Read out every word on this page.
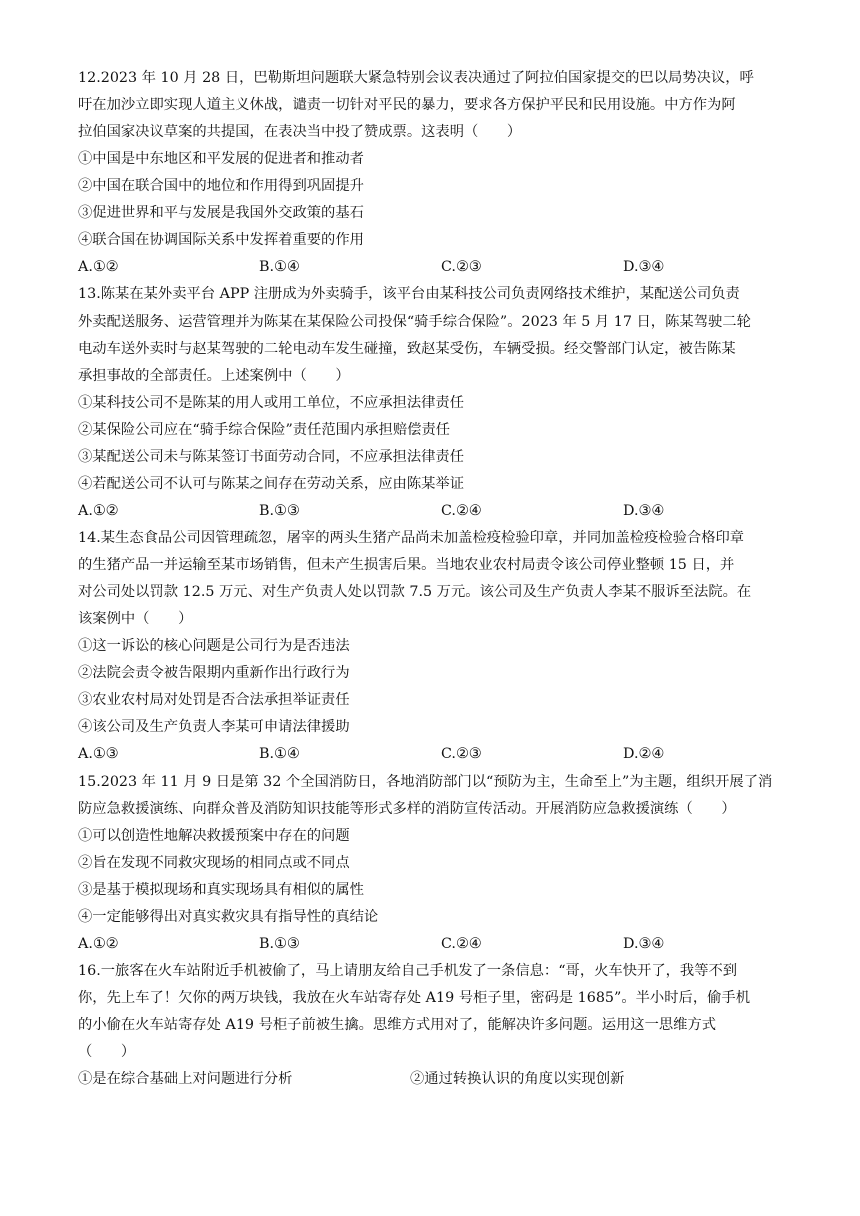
12.2023 年 10 月 28 日，巴勒斯坦问题联大紧急特别会议表决通过了阿拉伯国家提交的巴以局势决议，呼
吁在加沙立即实现人道主义休战，谴责一切针对平民的暴力，要求各方保护平民和民用设施。中方作为阿
拉伯国家决议草案的共提国，在表决当中投了赞成票。这表明（　　）
①中国是中东地区和平发展的促进者和推动者
②中国在联合国中的地位和作用得到巩固提升
③促进世界和平与发展是我国外交政策的基石
④联合国在协调国际关系中发挥着重要的作用
A.①②	B.①④	C.②③	D.③④
13.陈某在某外卖平台 APP 注册成为外卖骑手，该平台由某科技公司负责网络技术维护，某配送公司负责
外卖配送服务、运营管理并为陈某在某保险公司投保“骑手综合保险”。2023 年 5 月 17 日，陈某驾驶二轮
电动车送外卖时与赵某驾驶的二轮电动车发生碰撞，致赵某受伤，车辆受损。经交警部门认定，被告陈某
承担事故的全部责任。上述案例中（　　）
①某科技公司不是陈某的用人或用工单位，不应承担法律责任
②某保险公司应在“骑手综合保险”责任范围内承担赔偿责任
③某配送公司未与陈某签订书面劳动合同，不应承担法律责任
④若配送公司不认可与陈某之间存在劳动关系，应由陈某举证
A.①②	B.①③	C.②④	D.③④
14.某生态食品公司因管理疏忽，屠宰的两头生猪产品尚未加盖检疫检验印章，并同加盖检疫检验合格印章
的生猪产品一并运输至某市场销售，但未产生损害后果。当地农业农村局责令该公司停业整顿 15 日，并
对公司处以罚款 12.5 万元、对生产负责人处以罚款 7.5 万元。该公司及生产负责人李某不服诉至法院。在
该案例中（　　）
①这一诉讼的核心问题是公司行为是否违法
②法院会责令被告限期内重新作出行政行为
③农业农村局对处罚是否合法承担举证责任
④该公司及生产负责人李某可申请法律援助
A.①③	B.①④	C.②③	D.②④
15.2023 年 11 月 9 日是第 32 个全国消防日，各地消防部门以“预防为主，生命至上”为主题，组织开展了消
防应急救援演练、向群众普及消防知识技能等形式多样的消防宣传活动。开展消防应急救援演练（　　）
①可以创造性地解决救援预案中存在的问题
②旨在发现不同救灾现场的相同点或不同点
③是基于模拟现场和真实现场具有相似的属性
④一定能够得出对真实救灾具有指导性的真结论
A.①②	B.①③	C.②④	D.③④
16.一旅客在火车站附近手机被偷了，马上请朋友给自己手机发了一条信息：“哥，火车快开了，我等不到
你，先上车了！欠你的两万块钱，我放在火车站寄存处 A19 号柜子里，密码是 1685”。半小时后，偷手机
的小偷在火车站寄存处 A19 号柜子前被生擒。思维方式用对了，能解决许多问题。运用这一思维方式
（　　）
①是在综合基础上对问题进行分析	②通过转换认识的角度以实现创新
